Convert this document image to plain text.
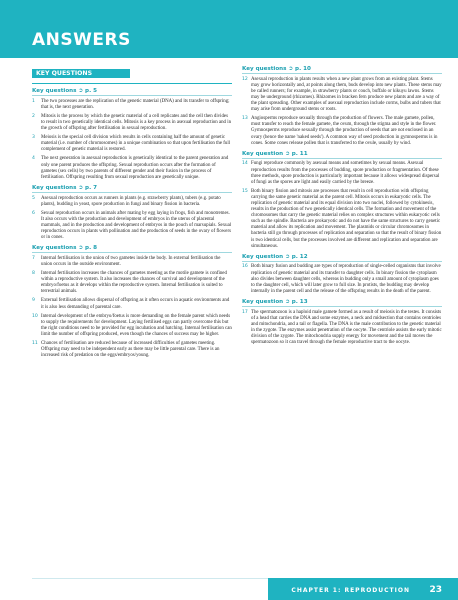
ANSWERS
KEY QUESTIONS
Key questions ➲ p. 5
1	The two processes are the replication of the genetic material (DNA) and its transfer to offspring; that is, the next generation.
2	Mitosis is the process by which the genetic material of a cell replicates and the cell then divides to result in two genetically identical cells. Mitosis is a key process in asexual reproduction and in the growth of offspring after fertilisation in sexual reproduction.
3	Meiosis is the special cell division which results in cells containing half the amount of genetic material (i.e. number of chromosomes) in a unique combination so that upon fertilisation the full complement of genetic material is restored.
4	The next generation in asexual reproduction is genetically identical to the parent generation and only one parent produces the offspring. Sexual reproduction occurs after the formation of gametes (sex cells) by two parents of different gender and their fusion in the process of fertilisation. Offspring resulting from sexual reproduction are genetically unique.
Key questions ➲ p. 7
5	Asexual reproduction occurs as runners in plants (e.g. strawberry plants), tubers (e.g. potato plants), budding in yeast, spore production in fungi and binary fission in bacteria.
6	Sexual reproduction occurs in animals after mating by egg laying in frogs, fish and monotremes. It also occurs with the production and development of embryos in the uterus of placental mammals, and in the production and development of embryos in the pouch of marsupials. Sexual reproduction occurs in plants with pollination and the production of seeds in the ovary of flowers or in cones.
Key questions ➲ p. 8
7	Internal fertilisation is the union of two gametes inside the body. In external fertilisation the union occurs in the outside environment.
8	Internal fertilisation increases the chances of gametes meeting as the motile gamete is confined within a reproductive system. It also increases the chances of survival and development of the embryo/foetus as it develops within the reproductive system. Internal fertilisation is suited to terrestrial animals.
9	External fertilisation allows dispersal of offspring as it often occurs in aquatic environments and it is also less demanding of parental care.
10 Internal development of the embryo/foetus is more demanding on the female parent which needs to supply the requirements for development. Laying fertilised eggs can partly overcome this but the right conditions need to be provided for egg incubation and hatching. Internal fertilisation can limit the number of offspring produced, even though the chances of success may be higher.
11 Chances of fertilisation are reduced because of increased difficulties of gametes meeting. Offspring may need to be independent early as there may be little parental care. There is an increased risk of predation on the eggs/embryos/young.
Key questions ➲ p. 10
12 Asexual reproduction in plants results when a new plant grows from an existing plant. Stems may grow horizontally and, at points along them, buds develop into new plants. These stems may be called runners; for example, in strawberry plants or couch, buffalo or kikuyu lawns. Stems may be underground (rhizomes). Rhizomes in bracken fern produce new plants and are a way of the plant spreading. Other examples of asexual reproduction include corms, bulbs and tubers that may arise from underground stems or roots.
13 Angiosperms reproduce sexually through the production of flowers. The male gamete, pollen, must transfer to reach the female gamete, the ovum, through the stigma and style in the flower. Gymnosperms reproduce sexually through the production of seeds that are not enclosed in an ovary (hence the name 'naked seeds'). A common way of seed production in gymnosperms is in cones. Some cones release pollen that is transferred to the ovule, usually by wind.
Key question ➲ p. 11
14 Fungi reproduce commonly by asexual means and sometimes by sexual means. Asexual reproduction results from the processes of budding, spore production or fragmentation. Of these three methods, spore production is particularly important because it allows widespread dispersal of fungi as the spores are light and easily carried by the breeze.
15 Both binary fission and mitosis are processes that result in cell reproduction with offspring carrying the same genetic material as the parent cell. Mitosis occurs in eukaryotic cells. The replication of genetic material and its equal division into two nuclei, followed by cytokinesis, results in the production of two genetically identical cells. The formation and movement of the chromosomes that carry the genetic material relies on complex structures within eukaryotic cells such as the spindle. Bacteria are prokaryotic and do not have the same structures to carry genetic material and allow its replication and movement. The plasmids or circular chromosomes in bacteria still go through processes of replication and separation so that the result of binary fission is two identical cells, but the processes involved are different and replication and separation are simultaneous.
Key question ➲ p. 12
16 Both binary fusion and budding are types of reproduction of single-celled organisms that involve replication of genetic material and its transfer to daughter cells. In binary fission the cytoplasm also divides between daughter cells, whereas in budding only a small amount of cytoplasm goes to the daughter cell, which will later grow to full size. In protists, the budding may develop internally in the parent cell and the release of the offspring results in the death of the parent.
Key question ➲ p. 13
17 The spermatozoon is a haploid male gamete formed as a result of meiosis in the testes. It consists of a head that carries the DNA and some enzymes, a neck and midsection that contains centrioles and mitochondria, and a tail or flagella. The DNA is the male contribution to the genetic material in the zygote. The enzymes assist penetration of the oocyte. The centriole assists the early mitotic division of the zygote. The mitochondria supply energy for movement and the tail moves the spermatozoon so it can travel through the female reproductive tract to the oocyte.
CHAPTER 1: REPRODUCTION 23
